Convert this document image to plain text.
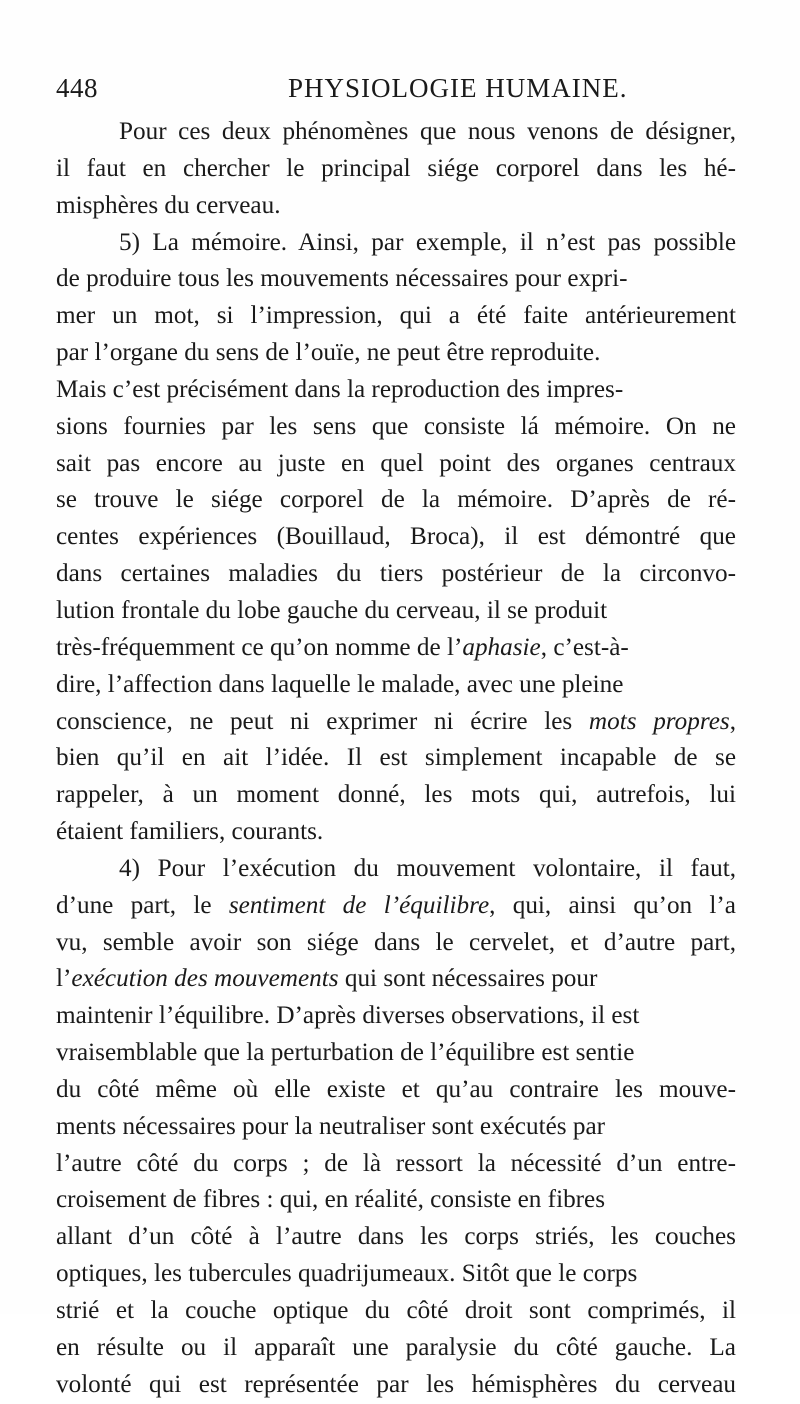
448	PHYSIOLOGIE HUMAINE.
Pour ces deux phénomènes que nous venons de désigner,
il faut en chercher le principal siége corporel dans les hé-
misphères du cerveau.
5) La mémoire. Ainsi, par exemple, il n’est pas possible
de produire tous les mouvements nécessaires pour expri-
mer un mot, si l’impression, qui a été faite antérieurement
par l’organe du sens de l’ouïe, ne peut être reproduite.
Mais c’est précisément dans la reproduction des impres-
sions fournies par les sens que consiste lá mémoire. On ne
sait pas encore au juste en quel point des organes centraux
se trouve le siége corporel de la mémoire. D’après de ré-
centes expériences (Bouillaud, Broca), il est démontré que
dans certaines maladies du tiers postérieur de la circonvo-
lution frontale du lobe gauche du cerveau, il se produit
très-fréquemment ce qu’on nomme de l’aphasie, c’est-à-
dire, l’affection dans laquelle le malade, avec une pleine
conscience, ne peut ni exprimer ni écrire les mots propres,
bien qu’il en ait l’idée. Il est simplement incapable de se
rappeler, à un moment donné, les mots qui, autrefois, lui
étaient familiers, courants.
4) Pour l’exécution du mouvement volontaire, il faut,
d’une part, le sentiment de l’équilibre, qui, ainsi qu’on l’a
vu, semble avoir son siége dans le cervelet, et d’autre part,
l’exécution des mouvements qui sont nécessaires pour
maintenir l’équilibre. D’après diverses observations, il est
vraisemblable que la perturbation de l’équilibre est sentie
du côté même où elle existe et qu’au contraire les mouve-
ments nécessaires pour la neutraliser sont exécutés par
l’autre côté du corps ; de là ressort la nécessité d’un entre-
croisement de fibres : qui, en réalité, consiste en fibres
allant d’un côté à l’autre dans les corps striés, les couches
optiques, les tubercules quadrijumeaux. Sitôt que le corps
strié et la couche optique du côté droit sont comprimés, il
en résulte ou il apparaît une paralysie du côté gauche. La
volonté qui est représentée par les hémisphères du cerveau
